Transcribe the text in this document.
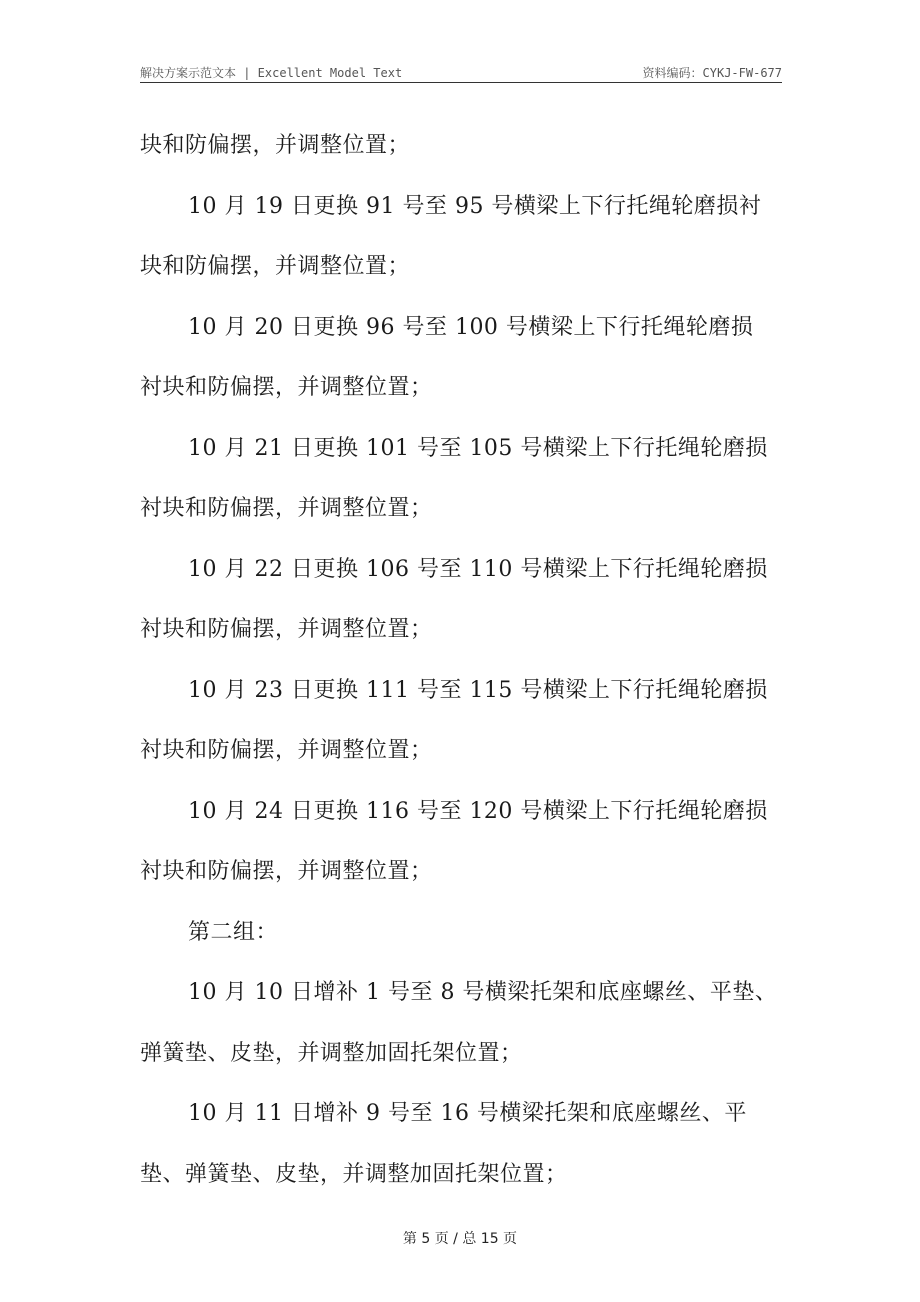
解决方案示范文本 | Excellent Model Text	资料编码：CYKJ-FW-677
块和防偏摆，并调整位置；
10 月 19 日更换 91 号至 95 号横梁上下行托绳轮磨损衬
块和防偏摆，并调整位置；
10 月 20 日更换 96 号至 100 号横梁上下行托绳轮磨损
衬块和防偏摆，并调整位置；
10 月 21 日更换 101 号至 105 号横梁上下行托绳轮磨损
衬块和防偏摆，并调整位置；
10 月 22 日更换 106 号至 110 号横梁上下行托绳轮磨损
衬块和防偏摆，并调整位置；
10 月 23 日更换 111 号至 115 号横梁上下行托绳轮磨损
衬块和防偏摆，并调整位置；
10 月 24 日更换 116 号至 120 号横梁上下行托绳轮磨损
衬块和防偏摆，并调整位置；
第二组：
10 月 10 日增补 1 号至 8 号横梁托架和底座螺丝、平垫、
弹簧垫、皮垫，并调整加固托架位置；
10 月 11 日增补 9 号至 16 号横梁托架和底座螺丝、平
垫、弹簧垫、皮垫，并调整加固托架位置；
第 5 页 / 总 15 页
